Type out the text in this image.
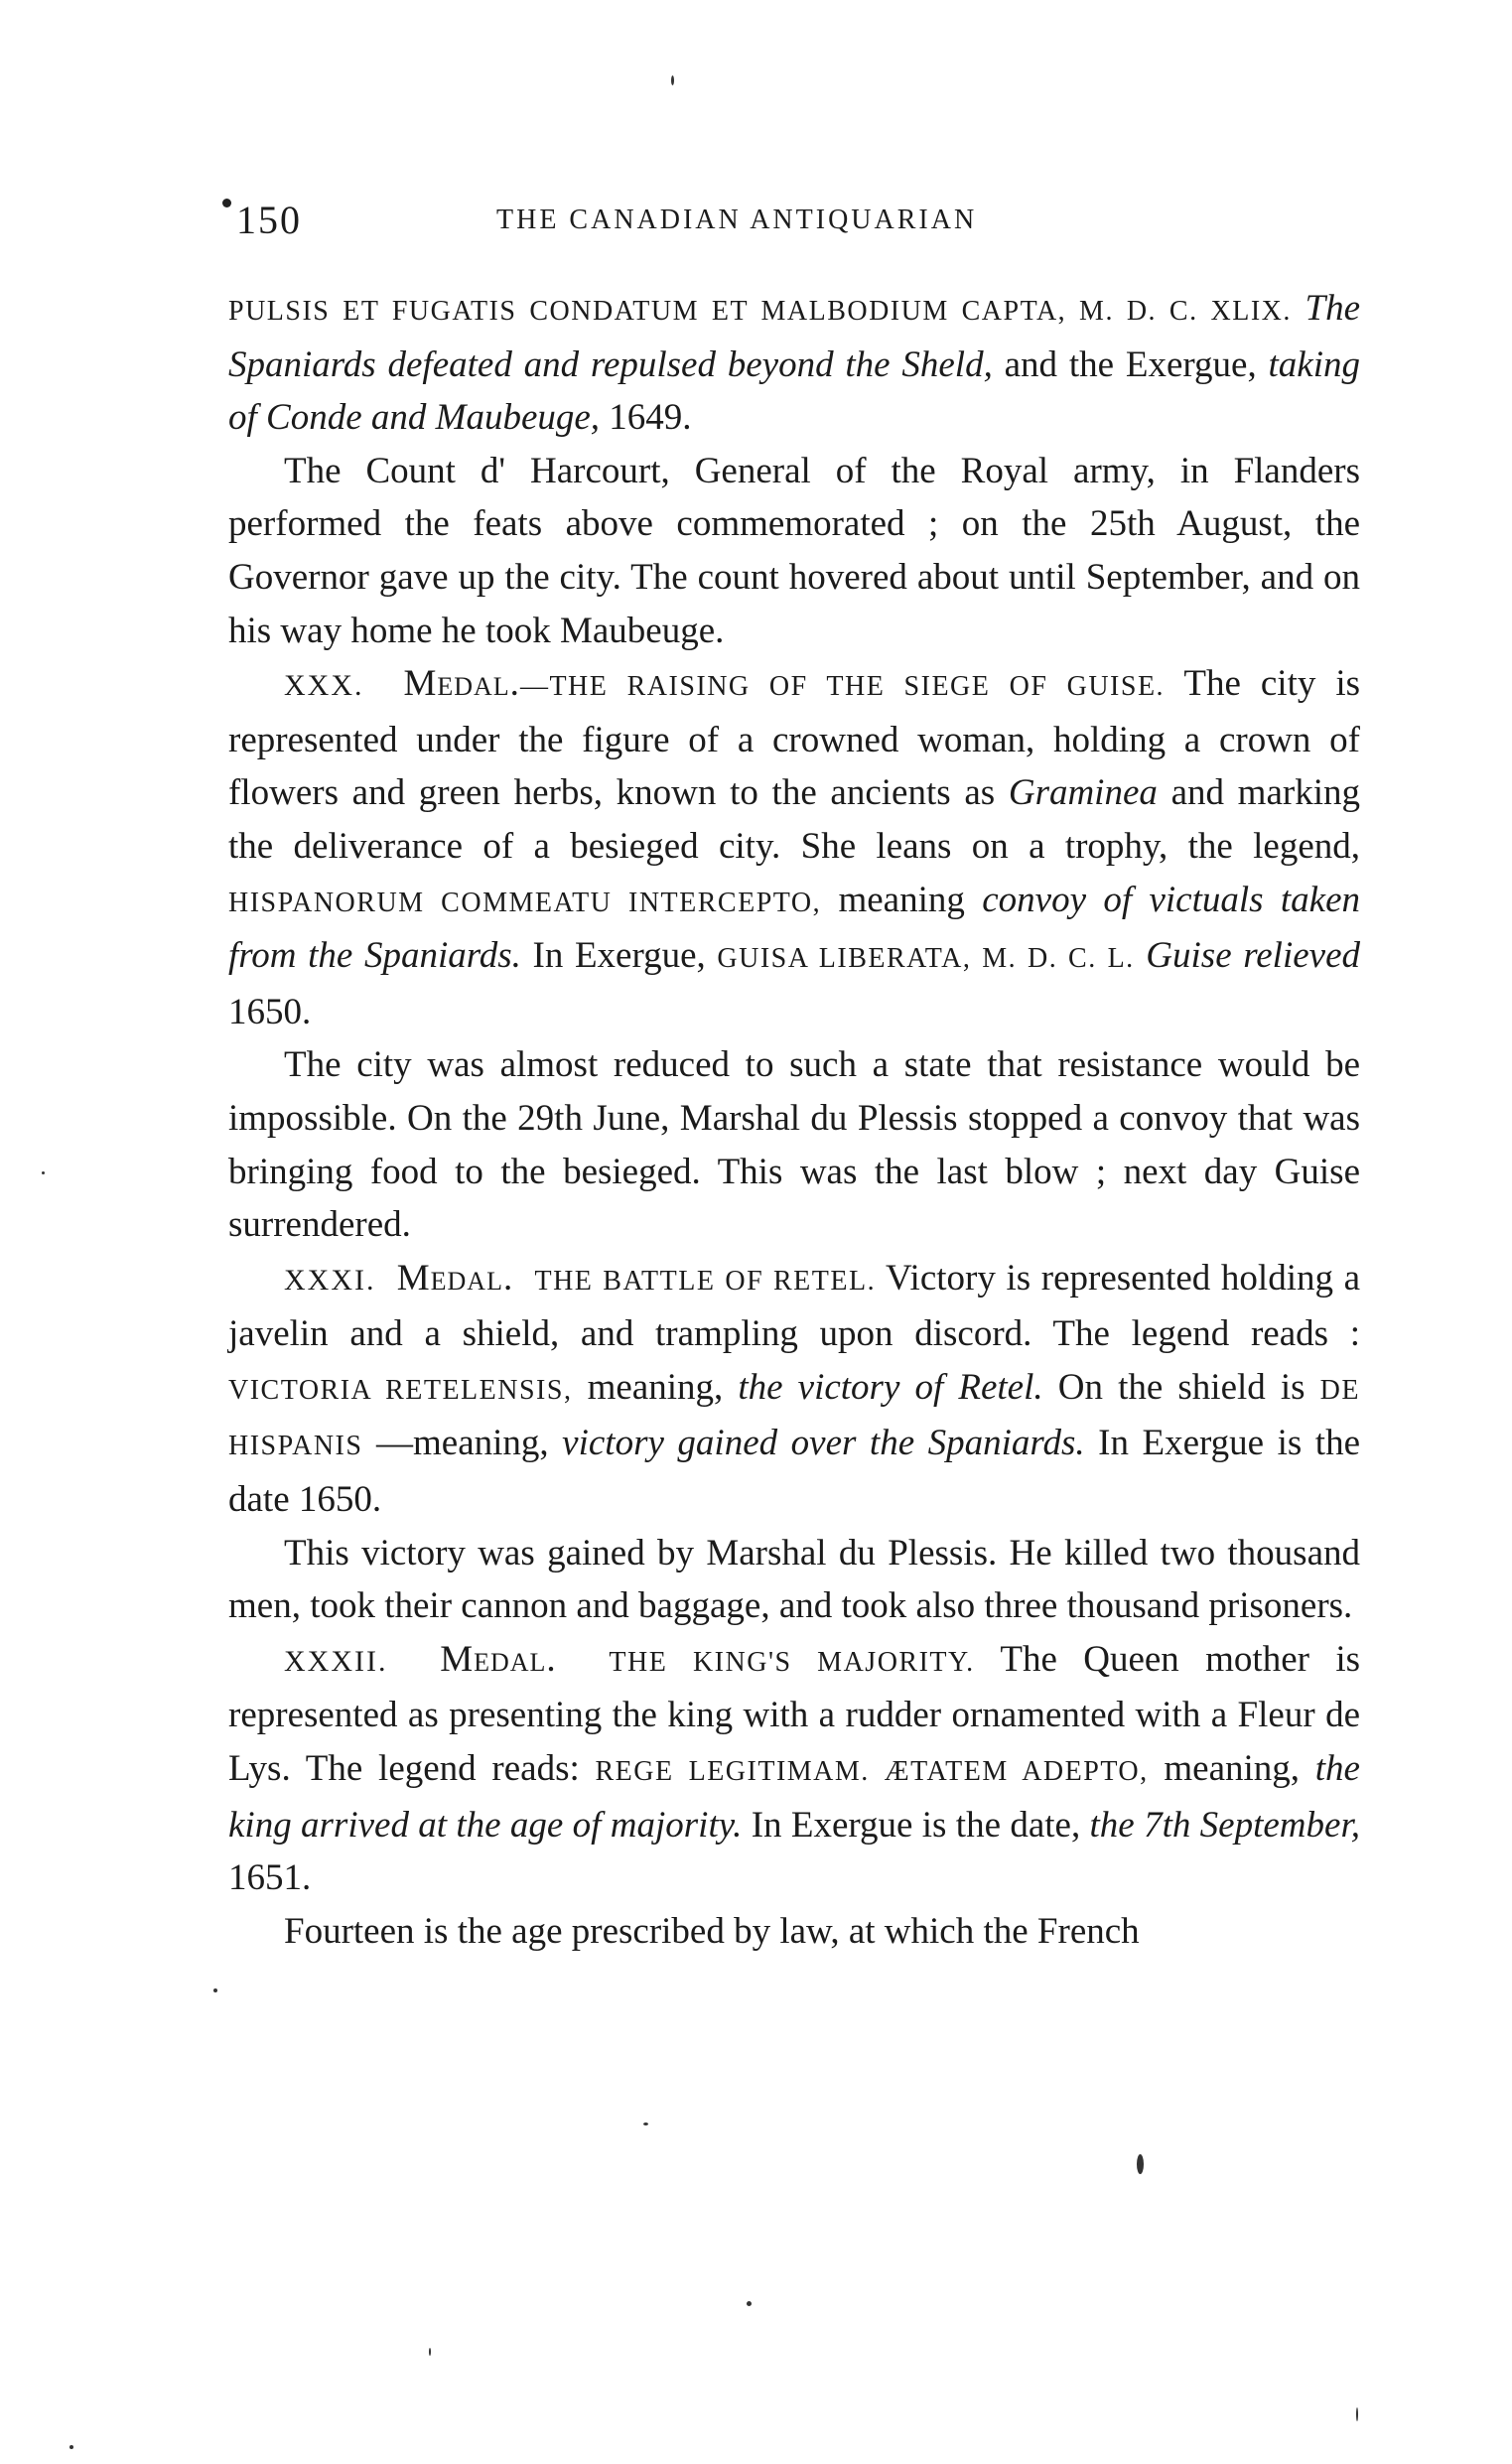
150	THE CANADIAN ANTIQUARIAN

PULSIS ET FUGATIS CONDATUM ET MALBODIUM CAPTA, M. D. C. XLIX. The Spaniards defeated and repulsed beyond the Sheld, and the Exergue, taking of Conde and Maubeuge, 1649.

The Count d' Harcourt, General of the Royal army, in Flanders performed the feats above commemorated ; on the 25th August, the Governor gave up the city. The count hovered about until September, and on his way home he took Maubeuge.

XXX. Medal.—THE RAISING OF THE SIEGE OF GUISE. The city is represented under the figure of a crowned woman, holding a crown of flowers and green herbs, known to the ancients as Graminea and marking the deliverance of a besieged city. She leans on a trophy, the legend, HISPANORUM COMMEATU INTERCEPTO, meaning convoy of victuals taken from the Spaniards. In Exergue, GUISA LIBERATA, M. D. C. L. Guise relieved 1650.

The city was almost reduced to such a state that resistance would be impossible. On the 29th June, Marshal du Plessis stopped a convoy that was bringing food to the besieged. This was the last blow ; next day Guise surrendered.

XXXI. Medal. THE BATTLE OF RETEL. Victory is represented holding a javelin and a shield, and trampling upon discord. The legend reads : VICTORIA RETELENSIS, meaning, the victory of Retel. On the shield is DE HISPANIS —meaning, victory gained over the Spaniards. In Exergue is the date 1650.

This victory was gained by Marshal du Plessis. He killed two thousand men, took their cannon and baggage, and took also three thousand prisoners.

XXXII. Medal. THE KING'S MAJORITY. The Queen mother is represented as presenting the king with a rudder ornamented with a Fleur de Lys. The legend reads: REGE LEGITIMAM. ÆTATEM ADEPTO, meaning, the king arrived at the age of majority. In Exergue is the date, the 7th September, 1651.

Fourteen is the age prescribed by law, at which the French
